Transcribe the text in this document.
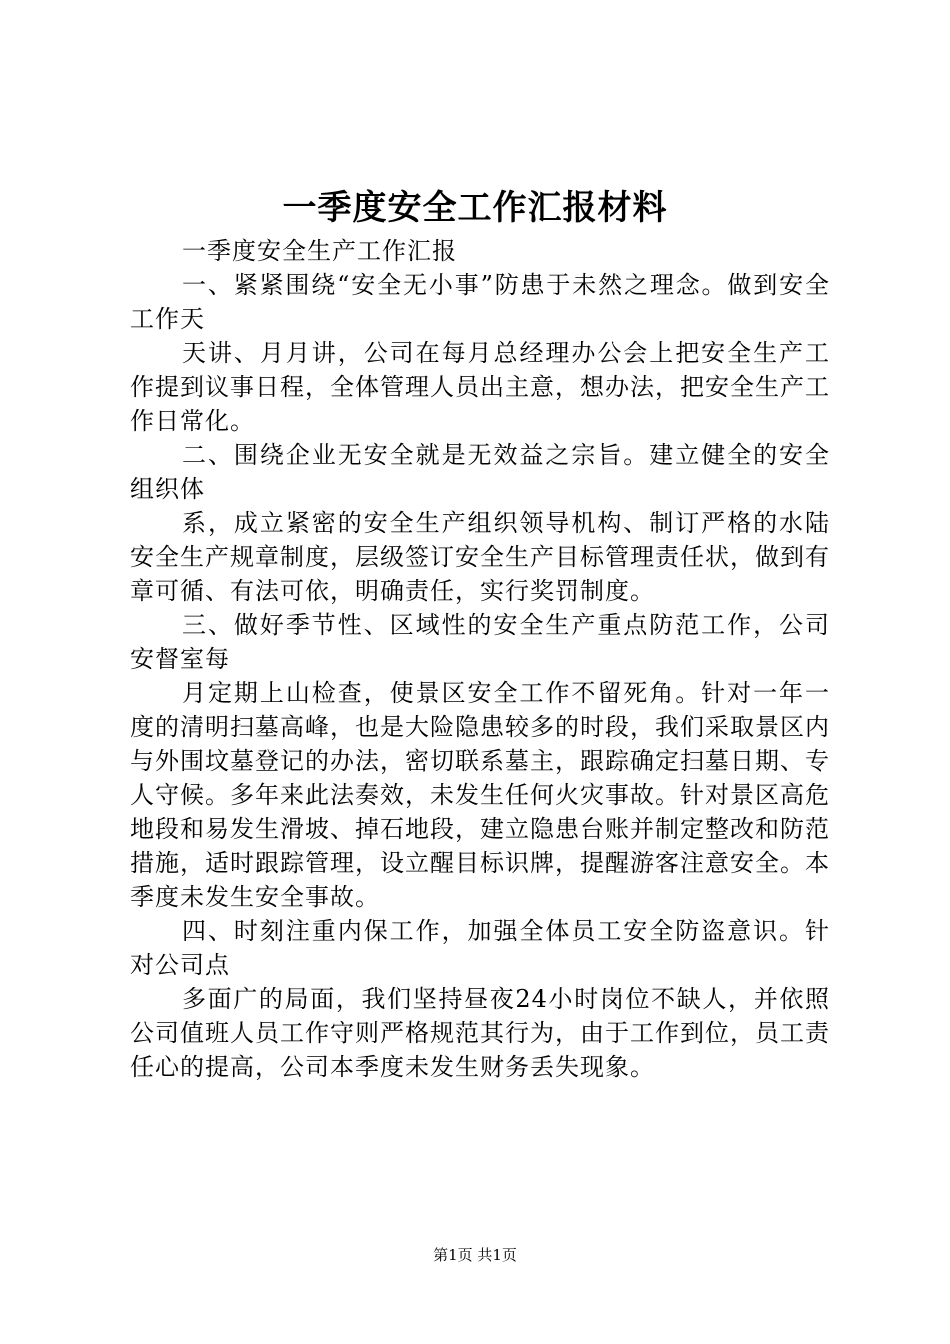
一季度安全工作汇报材料

一季度安全生产工作汇报

一、紧紧围绕“安全无小事”防患于未然之理念。做到安全工作天

天讲、月月讲，公司在每月总经理办公会上把安全生产工作提到议事日程，全体管理人员出主意，想办法，把安全生产工作日常化。

二、围绕企业无安全就是无效益之宗旨。建立健全的安全组织体

系，成立紧密的安全生产组织领导机构、制订严格的水陆安全生产规章制度，层级签订安全生产目标管理责任状，做到有章可循、有法可依，明确责任，实行奖罚制度。

三、做好季节性、区域性的安全生产重点防范工作，公司安督室每

月定期上山检查，使景区安全工作不留死角。针对一年一度的清明扫墓高峰，也是大险隐患较多的时段，我们采取景区内与外围坟墓登记的办法，密切联系墓主，跟踪确定扫墓日期、专人守候。多年来此法奏效，未发生任何火灾事故。针对景区高危地段和易发生滑坡、掉石地段，建立隐患台账并制定整改和防范措施，适时跟踪管理，设立醒目标识牌，提醒游客注意安全。本季度未发生安全事故。

四、时刻注重内保工作，加强全体员工安全防盗意识。针对公司点

多面广的局面，我们坚持昼夜24小时岗位不缺人，并依照公司值班人员工作守则严格规范其行为，由于工作到位，员工责任心的提高，公司本季度未发生财务丢失现象。

第1页 共1页
